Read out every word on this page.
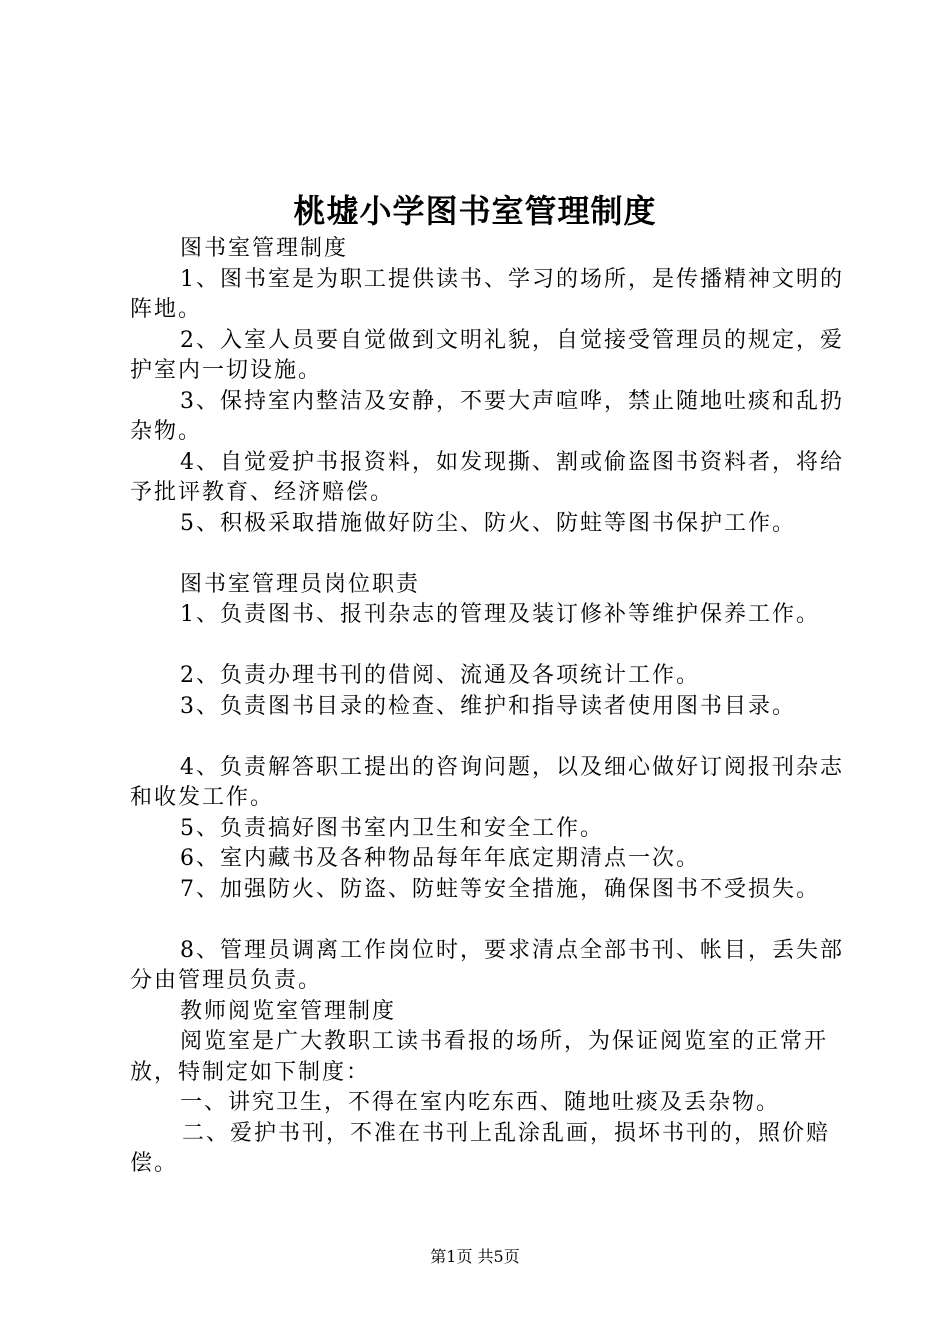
桃墟小学图书室管理制度

图书室管理制度

1、图书室是为职工提供读书、学习的场所，是传播精神文明的阵地。

2、入室人员要自觉做到文明礼貌，自觉接受管理员的规定，爱护室内一切设施。

3、保持室内整洁及安静，不要大声喧哗，禁止随地吐痰和乱扔杂物。

4、自觉爱护书报资料，如发现撕、割或偷盗图书资料者，将给予批评教育、经济赔偿。

5、积极采取措施做好防尘、防火、防蛀等图书保护工作。

图书室管理员岗位职责

1、负责图书、报刊杂志的管理及装订修补等维护保养工作。

2、负责办理书刊的借阅、流通及各项统计工作。

3、负责图书目录的检查、维护和指导读者使用图书目录。

4、负责解答职工提出的咨询问题，以及细心做好订阅报刊杂志和收发工作。

5、负责搞好图书室内卫生和安全工作。

6、室内藏书及各种物品每年年底定期清点一次。

7、加强防火、防盗、防蛀等安全措施，确保图书不受损失。

8、管理员调离工作岗位时，要求清点全部书刊、帐目，丢失部分由管理员负责。

教师阅览室管理制度

阅览室是广大教职工读书看报的场所，为保证阅览室的正常开放，特制定如下制度：

一、讲究卫生，不得在室内吃东西、随地吐痰及丢杂物。

二、爱护书刊，不准在书刊上乱涂乱画，损坏书刊的，照价赔偿。

第1页 共5页
